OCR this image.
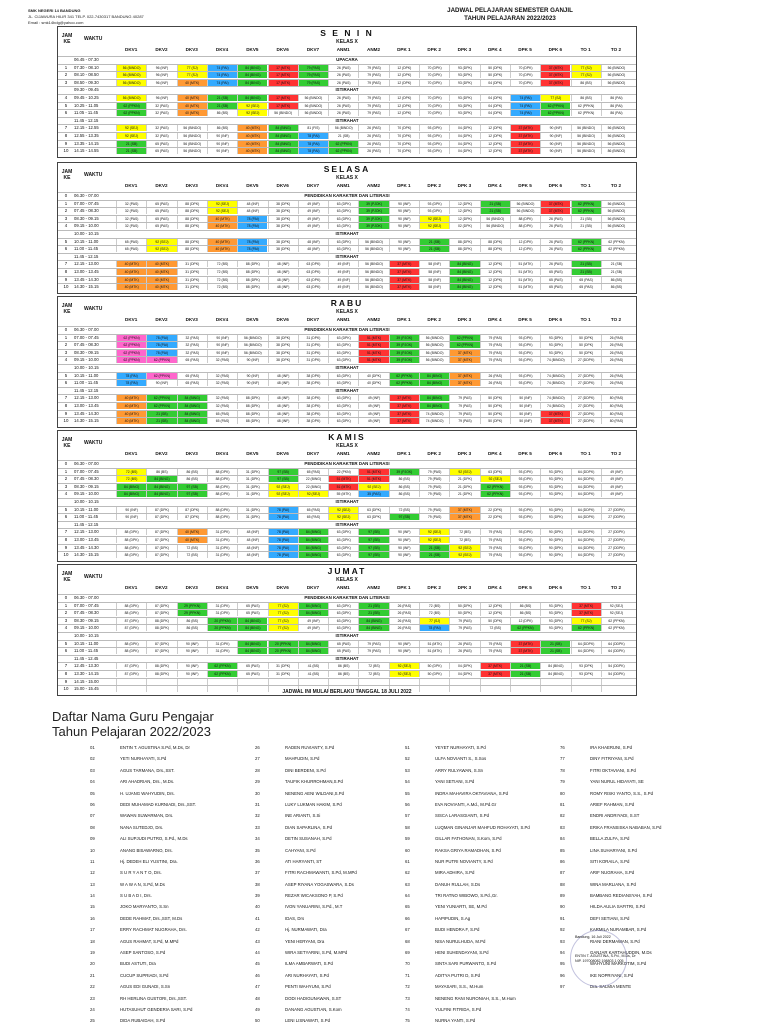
SMK NEGERI 14 BANDUNG
JL. CIJAWURA HILIR 341 TELP. 022-7430317 BANDUNG 40287
Email : smk14bdg@yahoo.com
JADWAL PELAJARAN SEMESTER GANJIL
TAHUN PELAJARAN 2022/2023
S E N I N
KELAS X
JAM KE	WAKTU
DKV1	DKV2	DKV3	DKV4	DKV5	DKV6	DKV7	ANM1	ANM2	DPK 1	DPK 2	DPK 3	DPK 4	DPK 5	DPK 6	TO 1	TO 2
06.45 - 07.30	UPACARA
1	07.30 - 08.10	56 (BINDO)	96 (INF)	77 (SJ)	74 (PAI)	84 (BING)	17 (MTK)	79 (PAS)	26 (PAS)	79 (PAS)	12 (DPK)	70 (DPK)	93 (DPK)	50 (DPK)	70 (DPK)	37 (MTK)	77 (SJ)	56 (BINDO)
2	08.10 - 08.50	56 (BINDO)	96 (INF)	77 (SJ)	74 (PAI)	84 (BING)	17 (MTK)	79 (PAS)	26 (PAS)	79 (PAS)	12 (DPK)	70 (DPK)	93 (DPK)	50 (DPK)	70 (DPK)	37 (MTK)	77 (SJ)	56 (BINDO)
3	08.50 - 09.30	56 (BINDO)	96 (INF)	40 (MTK)	74 (PAI)	84 (BING)	17 (MTK)	79 (PAS)	26 (PAS)	79 (PAS)	12 (DPK)	70 (DPK)	93 (DPK)	04 (DPK)	70 (DPK)	37 (MTK)	86 (BS)	56 (BINDO)
09.30 - 09.45	ISTIRAHAT
4	09.45 - 10.25	56 (BINDO)	96 (INF)	40 (MTK)	21 (SB)	84 (BING)	17 (MTK)	56 (BINDO)	26 (PAS)	79 (PAS)	12 (DPK)	70 (DPK)	93 (DPK)	04 (DPK)	74 (PAI)	77 (SJ)	86 (BS)	86 (PAI)
5	10.25 - 11.05	62 (PPKN)	32 (PAS)	40 (MTK)	21 (SB)	92 (SEJ)	17 (MTK)	56 (BINDO)	26 (PAS)	79 (PAS)	12 (DPK)	70 (DPK)	93 (DPK)	04 (DPK)	74 (PAI)	62 (PPKN)	62 (PPKN)	86 (PAI)
6	11.05 - 11.45	62 (PPKN)	32 (PAS)	40 (MTK)	86 (BS)	92 (SEJ)	56 (BINDO)	56 (BINDO)	26 (PAS)	79 (PAS)	12 (DPK)	70 (DPK)	93 (DPK)	04 (DPK)	74 (PAI)	62 (PPKN)	62 (PPKN)	86 (PAI)
11.45 - 12.15	ISTIRAHAT
7	12.15 - 12.55	92 (SEJ)	32 (PAS)	56 (BINDO)	86 (BS)	40 (MTK)	84 (BING)	81 (FIS)	56 (BINDO)	26 (PAS)	70 (DPK)	93 (DPK)	04 (DPK)	12 (DPK)	37 (MTK)	90 (INF)	56 (BINDO)	56 (BINDO)
8	12.55 - 13.35	92 (SEJ)	32 (PAS)	56 (BINDO)	90 (INF)	40 (MTK)	84 (BING)	78 (PAI)	21 (SB)	26 (PAS)	70 (DPK)	93 (DPK)	04 (DPK)	12 (DPK)	37 (MTK)	90 (INF)	56 (BINDO)	56 (BINDO)
9	13.35 - 14.15	21 (SB)	65 (PAS)	56 (BINDO)	90 (INF)	40 (MTK)	84 (BING)	78 (PAI)	62 (PPKN)	26 (PAS)	70 (DPK)	93 (DPK)	04 (DPK)	12 (DPK)	37 (MTK)	90 (INF)	56 (BINDO)	56 (BINDO)
10	14.15 - 14.55	21 (SB)	65 (PAS)	56 (BINDO)	90 (INF)	40 (MTK)	84 (BING)	78 (PAI)	62 (PPKN)	26 (PAS)	70 (DPK)	93 (DPK)	04 (DPK)	12 (DPK)	37 (MTK)	90 (INF)	56 (BINDO)	86 (BINDO)
SELASA
KELAS X
JAM KE	WAKTU
DKV1	DKV2	DKV3	DKV4	DKV5	DKV6	DKV7	ANM1	ANM2	DPK 1	DPK 2	DPK 3	DPK 4	DPK 5	DPK 6	TO 1	TO 2
0	06.30 - 07.00	PENDIDIKAN KARAKTER DAN LITERASI
1	07.00 - 07.45	32 (PAS)	65 (PAS)	88 (DPK)	92 (SEJ)	48 (INF)	38 (DPK)	49 (INF)	63 (DPK)	39 (PJOK)	90 (INF)	93 (DPK)	12 (DPK)	21 (SB)	56 (BINDO)	37 (MTK)	62 (PPKN)	56 (BINDO)
2	07.45 - 08.30	32 (PAS)	65 (PAS)	88 (DPK)	92 (SEJ)	48 (INF)	38 (DPK)	49 (INF)	63 (DPK)	39 (PJOK)	90 (INF)	93 (DPK)	12 (DPK)	21 (SB)	56 (BINDO)	37 (MTK)	62 (PPKN)	56 (BINDO)
3	08.30 - 09.15	32 (PAS)	65 (PAS)	88 (DPK)	40 (MTK)	78 (PAI)	38 (DPK)	49 (INF)	63 (DPK)	39 (PJOK)	90 (INF)	92 (SEJ)	12 (DPK)	56 (BINDO)	88 (DPK)	26 (PAS)	21 (SB)	56 (BINDO)
4	09.15 - 10.00	32 (PAS)	65 (PAS)	88 (DPK)	40 (MTK)	78 (PAI)	38 (DPK)	49 (INF)	63 (DPK)	39 (PJOK)	90 (INF)	92 (SEJ)	02 (DPK)	56 (BINDO)	88 (DPK)	26 (PAS)	21 (SB)	56 (BINDO)
10.00 - 10.15	ISTIRAHAT
5	10.15 - 11.00	65 (PAS)	92 (SEJ)	88 (DPK)	40 (MTK)	78 (PAI)	38 (DPK)	48 (INF)	63 (DPK)	56 (BINDO)	90 (INF)	21 (SB)	88 (DPK)	88 (DPK)	12 (DPK)	26 (PAS)	62 (PPKN)	62 (PPKN)
6	11.00 - 11.45	65 (PAS)	92 (SEJ)	88 (DPK)	40 (MTK)	78 (PAI)	38 (DPK)	48 (INF)	63 (DPK)	56 (BINDO)	90 (INF)	21 (SB)	88 (DPK)	88 (DPK)	12 (DPK)	26 (PAS)	62 (PPKN)	62 (PPKN)
11.45 - 12.15	ISTIRAHAT
7	12.15 - 13.00	40 (MTK)	40 (MTK)	31 (DPK)	72 (BS)	88 (DPK)	48 (INF)	63 (DPK)	49 (INF)	56 (BINDO)	37 (MTK)	58 (INF)	84 (BING)	12 (DPK)	51 (MTK)	26 (PAS)	21 (SB)	21 (SB)
8	13.00 - 13.45	40 (MTK)	40 (MTK)	31 (DPK)	72 (BS)	88 (DPK)	48 (INF)	63 (DPK)	49 (INF)	56 (BINDO)	37 (MTK)	58 (INF)	84 (BING)	12 (DPK)	51 (MTK)	65 (PAS)	21 (SB)	21 (SB)
9	13.45 - 14.30	40 (MTK)	40 (MTK)	31 (DPK)	72 (BS)	88 (DPK)	48 (INF)	63 (DPK)	49 (INF)	56 (BINDO)	37 (MTK)	58 (INF)	84 (BING)	12 (DPK)	51 (MTK)	65 (PAS)	65 (PAS)	86 (BS)
10	14.30 - 15.15	40 (MTK)	40 (MTK)	31 (DPK)	72 (BS)	88 (DPK)	48 (INF)	63 (DPK)	49 (INF)	56 (BINDO)	37 (MTK)	58 (INF)	84 (BING)	12 (DPK)	51 (MTK)	65 (PAS)	65 (PAS)	86 (BS)
RABU
KELAS X
JAM KE	WAKTU
DKV1	DKV2	DKV3	DKV4	DKV5	DKV6	DKV7	ANM1	ANM2	DPK 1	DPK 2	DPK 3	DPK 4	DPK 5	DPK 6	TO 1	TO 2
0	06.30 - 07.00	PENDIDIKAN KARAKTER DAN LITERASI
1	07.00 - 07.45	62 (PPKN)	78 (PAI)	32 (PAS)	90 (INF)	56 (BINDO)	38 (DPK)	31 (DPK)	63 (DPK)	51 (MTK)	39 (PJOK)	56 (BINDO)	62 (PPKN)	79 (PAS)	93 (DPK)	93 (DPK)	50 (DPK)	26 (PAS)
2	07.45 - 08.30	62 (PPKN)	78 (PAI)	32 (PAS)	90 (INF)	56 (BINDO)	38 (DPK)	31 (DPK)	63 (DPK)	51 (MTK)	39 (PJOK)	56 (BINDO)	62 (PPKN)	79 (PAS)	93 (DPK)	93 (DPK)	50 (DPK)	26 (PAS)
3	08.30 - 09.15	62 (PPKN)	78 (PAI)	32 (PAS)	90 (INF)	56 (BINDO)	38 (DPK)	31 (DPK)	63 (DPK)	51 (MTK)	39 (PJOK)	56 (BINDO)	37 (MTK)	79 (PAS)	93 (DPK)	93 (DPK)	50 (DPK)	26 (PAS)
4	09.15 - 10.00	62 (PPKN)	62 (PPKN)	65 (PAS)	32 (PAS)	90 (INF)	38 (DPK)	31 (DPK)	63 (DPK)	51 (MTK)	39 (PJOK)	56 (BINDO)	37 (MTK)	79 (PAS)	93 (DPK)	74 (BINDO)	27 (DDPK)	26 (PAS)
10.00 - 10.15	ISTIRAHAT
5	10.15 - 11.00	78 (PAI)	62 (PPKN)	65 (PAS)	32 (PAS)	90 (INF)	48 (INF)	38 (DPK)	63 (DPK)	40 (DPK)	62 (PPKN)	84 (BING)	37 (MTK)	26 (PAS)	93 (DPK)	74 (BINDO)	27 (DDPK)	26 (PAS)
6	11.00 - 11.45	78 (PAI)	90 (INF)	65 (PAS)	32 (PAS)	90 (INF)	48 (INF)	38 (DPK)	63 (DPK)	40 (DPK)	62 (PPKN)	84 (BING)	37 (MTK)	26 (PAS)	93 (DPK)	74 (BINDO)	27 (DDPK)	26 (PAS)
11.45 - 12.15	ISTIRAHAT
7	12.15 - 13.00	40 (MTK)	62 (PPKN)	84 (BING)	32 (PAS)	88 (DPK)	48 (INF)	38 (DPK)	63 (DPK)	49 (INF)	37 (MTK)	84 (BING)	79 (PAS)	50 (DPK)	50 (INF)	74 (BINDO)	27 (DDPK)	80 (PAS)
8	13.00 - 13.45	40 (MTK)	62 (PPKN)	84 (BING)	32 (PAS)	88 (DPK)	48 (INF)	38 (DPK)	63 (DPK)	49 (INF)	37 (MTK)	84 (BING)	79 (PAS)	50 (DPK)	50 (INF)	74 (BINDO)	27 (DDPK)	80 (PAS)
9	13.45 - 14.30	40 (MTK)	21 (SB)	84 (BING)	65 (PAS)	88 (DPK)	48 (INF)	38 (DPK)	63 (DPK)	49 (INF)	37 (MTK)	74 (BINDO)	79 (PAS)	50 (DPK)	50 (INF)	37 (MTK)	27 (DDPK)	80 (PAS)
10	14.30 - 15.15	40 (MTK)	21 (SB)	84 (BING)	65 (PAS)	88 (DPK)	48 (INF)	38 (DPK)	63 (DPK)	49 (INF)	37 (MTK)	74 (BINDO)	79 (PAS)	50 (DPK)	50 (INF)	37 (MTK)	27 (DDPK)	80 (PAS)
KAMIS
KELAS X
JAM KE	WAKTU
DKV1	DKV2	DKV3	DKV4	DKV5	DKV6	DKV7	ANM1	ANM2	DPK 1	DPK 2	DPK 3	DPK 4	DPK 5	DPK 6	TO 1	TO 2
0	06.30 - 07.00	PENDIDIKAN KARAKTER DAN LITERASI
1	07.00 - 07.45	72 (BS)	86 (BS)	86 (BS)	88 (DPK)	31 (DPK)	97 (SB)	65 (PAS)	22 (PKN)	51 (MTK)	39 (PJOK)	79 (PAS)	92 (SEJ)	63 (DPK)	93 (DPK)	93 (DPK)	64 (DDPK)	49 (INF)
2	07.45 - 08.30	72 (BS)	84 (BING)	86 (BS)	88 (DPK)	31 (DPK)	97 (SB)	22 (BING)	51 (MTK)	51 (MTK)	86 (BS)	79 (PAS)	21 (DPK)	92 (SEJ)	93 (DPK)	93 (DPK)	64 (DDPK)	49 (INF)
3	08.30 - 09.15	84 (BING)	84 (BING)	97 (SB)	88 (DPK)	31 (DPK)	92 (SEJ)	22 (BING)	51 (MTK)	92 (SEJ)	86 (BS)	79 (PAS)	21 (DPK)	62 (PPKN)	93 (DPK)	93 (DPK)	64 (DDPK)	49 (INF)
4	09.15 - 10.00	84 (BING)	84 (BING)	97 (SB)	88 (DPK)	31 (DPK)	92 (SEJ)	92 (SEJ)	55 (MTK)	35 (PAS)	86 (BS)	79 (PAS)	21 (DPK)	62 (PPKN)	93 (DPK)	93 (DPK)	64 (DDPK)	49 (INF)
10.00 - 10.15	ISTIRAHAT
5	10.15 - 11.00	90 (INF)	87 (DPK)	87 (DPK)	88 (DPK)	31 (DPK)	78 (PAI)	65 (PAS)	92 (SEJ)	63 (DPK)	72 (BS)	79 (PAS)	37 (MTK)	22 (DPK)	93 (DPK)	93 (DPK)	64 (DDPK)	27 (DDPK)
6	11.00 - 11.45	90 (INF)	87 (DPK)	87 (DPK)	88 (DPK)	31 (DPK)	78 (PAI)	65 (PAS)	92 (SEJ)	63 (DPK)	97 (SB)	79 (PAS)	37 (MTK)	22 (DPK)	93 (DPK)	93 (DPK)	64 (DDPK)	27 (DDPK)
11.45 - 12.15	ISTIRAHAT
7	12.15 - 13.00	88 (DPK)	87 (DPK)	40 (MTK)	31 (DPK)	48 (INF)	78 (PAI)	84 (BING)	63 (DPK)	97 (SB)	90 (INF)	92 (SEJ)	72 (BS)	79 (PAS)	93 (DPK)	90 (DPK)	64 (DDPK)	27 (DDPK)
8	13.00 - 13.45	88 (DPK)	87 (DPK)	40 (MTK)	31 (DPK)	48 (INF)	78 (PAI)	84 (BING)	63 (DPK)	97 (SB)	90 (INF)	92 (SEJ)	72 (BS)	79 (PAS)	93 (DPK)	90 (DPK)	64 (DDPK)	27 (DDPK)
9	13.45 - 14.30	88 (DPK)	87 (DPK)	72 (BS)	31 (DPK)	48 (INF)	78 (PAI)	84 (BING)	63 (DPK)	97 (SB)	90 (INF)	21 (SB)	92 (SEJ)	79 (PAS)	93 (DPK)	90 (DPK)	64 (DDPK)	27 (DDPK)
10	14.30 - 15.15	88 (DPK)	87 (DPK)	72 (BS)	31 (DPK)	48 (INF)	78 (PAI)	84 (BING)	63 (DPK)	97 (SB)	90 (INF)	21 (SB)	92 (SEJ)	79 (PAS)	93 (DPK)	90 (DPK)	64 (DDPK)	27 (DDPK)
JUMAT
KELAS X
JAM KE	WAKTU
DKV1	DKV2	DKV3	DKV4	DKV5	DKV6	DKV7	ANM1	ANM2	DPK 1	DPK 2	DPK 3	DPK 4	DPK 5	DPK 6	TO 1	TO 2
0	06.30 - 07.00	PENDIDIKAN KARAKTER DAN LITERASI
1	07.00 - 07.45	88 (DPK)	87 (DPK)	29 (PPKN)	31 (DPK)	65 (PAS)	77 (SJ)	84 (BING)	63 (DPK)	21 (SB)	26 (PAS)	72 (BS)	50 (DPK)	12 (DPK)	86 (BS)	93 (DPK)	37 (MTK)	92 (SEJ)
2	07.45 - 08.30	88 (DPK)	87 (DPK)	29 (PPKN)	31 (DPK)	65 (PAS)	77 (SJ)	84 (BING)	63 (DPK)	21 (SB)	26 (PAS)	72 (BS)	50 (DPK)	12 (DPK)	86 (BS)	93 (DPK)	37 (MTK)	92 (SEJ)
3	08.30 - 09.15	87 (DPK)	88 (DPK)	86 (BS)	20 (PPKN)	84 (BING)	77 (SJ)	49 (INF)	63 (DPK)	84 (BING)	26 (PAS)	77 (SJ)	79 (PAS)	50 (DPK)	12 (DPK)	93 (DPK)	77 (SJ)	62 (PPKN)
4	09.15 - 10.00	87 (DPK)	88 (DPK)	86 (BS)	20 (PPKN)	84 (BING)	77 (SJ)	49 (INF)	63 (DPK)	84 (BING)	26 (PAS)	78 (PAI)	79 (PAS)	72 (BS)	62 (PPKN)	93 (DPK)	62 (PPKN)	62 (PPKN)
10.00 - 10.15	ISTIRAHAT
5	10.15 - 11.00	88 (DPK)	87 (DPK)	90 (INF)	31 (DPK)	84 (BING)	20 (PPKN)	84 (BING)	65 (PAS)	79 (PAS)	90 (INF)	51 (MTK)	26 (PAS)	79 (PAS)	37 (MTK)	21 (SB)	64 (DDPK)	64 (DDPK)
6	11.00 - 11.45	88 (DPK)	87 (DPK)	90 (INF)	31 (DPK)	84 (BING)	20 (PPKN)	84 (BING)	65 (PAS)	79 (PAS)	90 (INF)	51 (MTK)	26 (PAS)	79 (PAS)	37 (MTK)	21 (SB)	64 (DDPK)	64 (DDPK)
11.45 - 12.45	ISTIRAHAT
7	12.45 - 13.30	87 (DPK)	88 (DPK)	90 (INF)	62 (PPKN)	65 (PAS)	31 (DPK)	41 (BS)	86 (BS)	72 (BS)	92 (SEJ)	50 (DPK)	04 (DPK)	37 (MTK)	21 (SB)	84 (BING)	93 (DPK)	54 (DDPK)
8	13.30 - 14.15	87 (DPK)	88 (DPK)	90 (INF)	62 (PPKN)	65 (PAS)	31 (DPK)	41 (BS)	86 (BS)	72 (BS)	92 (SEJ)	50 (DPK)	04 (DPK)	37 (MTK)	21 (SB)	84 (BING)	93 (DPK)	54 (DDPK)
9	14.15 - 15.00
10	15.00 - 15.45
JADWAL INI MULAI BERLAKU TANGGAL 18 JULI 2022
Daftar Nama Guru Pengajar
Tahun Pelajaran 2022/2023
01	ENTIN T. AGUSTINA S.Pd, M.Ds, Dr
02	YETI NURHAYATI, S.Pd
03	AGUS TARMANA, Drs.,SST.
04	ARI AHADRIAN, Drs., M.Ds.
05	H. UJANG WAHYUDIN, Drs.
06	DEDI MUHAMAD KURNIADI, Drs.,SST.
07	WAWAN SUWARMAN, Drs.
08	NANA SUTEDJO, Drs.
09	ALI SUPJUDI PUTRO, S.Pd., M.Ds
10	ANANG BISAWARNO, Drs.
11	Hj. DEDEH ELI YUSTINI, Dra.
12	S U R Y A N T O, Drs.
13	W A W A N, S.Pd, M.Ds
14	S U B A D I, Drs.
15	JOKO MARYANTO, S.Sn
16	DEDE RAHMAT, Drs.,SST, M.Ds
17	ERRY RACHMAT NUGRAHA, Drs.
18	AGUS RAHMAT, S.Pd, M.MPd
19	ASEP SANTOSO, S.Pd
20	BUDI ASTUTI, Dra
21	CUCUP SUPRIADI, S.Pd
22	AGUS EDI GUNADI, S.Sn
23	RH HERLINA GUSTORI, Drs.,SST.
24	HUTASUHUT GENDERIA SARI, S.Pd
25	DIDA RUBAIDAH, S.Pd
26	RADEN RUVIANTY, S.Pd
27	MAHFUDIN, S.Pd
28	DINI BERDENI, S.Pd
29	TAUFIK KHURROHMAN,S.Pd
30	NENENG AENI WILDANI,S.Pd
31	LUKY LUKMAN HAKIM, S.Pd
32	INE ARIANTI, S.Si
33	DIAN SAPARLINA, S.Pd
34	DETIN SUSANAH, S.Pd
35	CAHYANI, S.Pd
36	ATI HARYANTI, ST
37	FITRI RACHMAWANTI, S.Pd, M.MPd
38	ASEP RIYANA YOGASWARA, S.Ds
39	REZAR WICAKSONO P, S.Pd
40	IVON YANUARINI, S.Pd., M.T
41	IDAS, Drs
42	Hj. NURMAWATI, Dra
43	YENI HERYANI, Dra
44	WIRA SETYARINI, S.Pd, M.MPd
45	ILMA AMBARWATI, S.Pd
46	ARI NURHAYATI, S.Pd
47	PENTI WAHYUNI, S.Pd
48	DODI HADIGUNAWAN, S.ST
49	DANANG AGUSTIAN, S.Kom
50	LENI LISNAWATI, S.Pd
51	YEYET NURHAYATI, S.Pd
52	ULFA NOVIANTI S., S.Sos
53	ARRY RULYAWAN, S.Sn
54	YANI SETIANI, S.Pd
55	INDRA MAHAVIRA OKTAVIANA, S.Pd
56	EVA NOVIANTI, A.Md., M.Pd.Gr
57	SISCA LARASGIANTI, S.Pd
58	LUQMAN GINANJAR MAHFUD ROHAYATI, S.Pd
59	GILLAR FATHONAN, S.Kom, S.Pd
60	RAKSA GRIYA RAMADHAN, S.Pd
61	NUR PUTRI NOVIANTY, S.Pd
62	MIRA ADHIRA, S.Pd
63	DANUH RULLAH, S.Ds
64	TRI RATNO WIBOWO, S.Pd.,Gr.
65	YENI YUNIARTI, SE, M.Pd
66	HAPIPUDIN, S.Ag
67	BUDI HENDRA F, S.Pd
68	NISA NURULHUDA, M.Pd
69	HENI SUHENDAYANI, S.Pd
70	SINTA SARI PURWANTO, S.Pd
71	ADITYA PUTRI D, S.Pd
72	MAYASARI, S.S., M.Hum
73	NENENG RANI NURONIAH, S.S., M.Hum
74	YULFINI FITRIDA, S.Pd
75	NURNA YANTI, S.Pd
76	IRA KHAERUNI, S.Pd
77	DINY FITRIYANI, S.Pd
78	FITRI OKTAVIANI, S.Pd
79	YANI NURUL HIDAYATI, SE
80	ROMY RISKI YANTO, S.S., S.Pd
81	ARIEF RAHMAN, S.Pd
82	ENDRI ANDRIYADI, S.ST
83	ERIKA FRANSISKA NABABAN, S.Pd
84	BELLA ZULFA, S.Pd
85	LINA SUHARYANI, S.Pd
86	SITI KORAILA, S.Pd
87	ARIF NUGRAHA, S.Pd
88	WINA MARLIANA, S.Pd
89	BAMBANG REDIANSYAH, S.Pd
90	HILDA AULIA SAFITRI, S.Pd
91	DEFI SETIANI, S.Pd
92	KARMILA NURAMBAR, S.Pd
93	RIANI DERMAWAN, S.Pd
94	GANJAR KARTAHUDDIN, M.Ds
95	WAHYUNI MARKOTIM, S.Pd
96	IKE NOPRIYANI, S.Pd
97	Dra. SALMIA MENTE
Bandung, 16 Juli 2022
ENTIN T. AGUSTINA, S.Pd., M.Ds, Dr
NIP. 197008082 198803 1 005
